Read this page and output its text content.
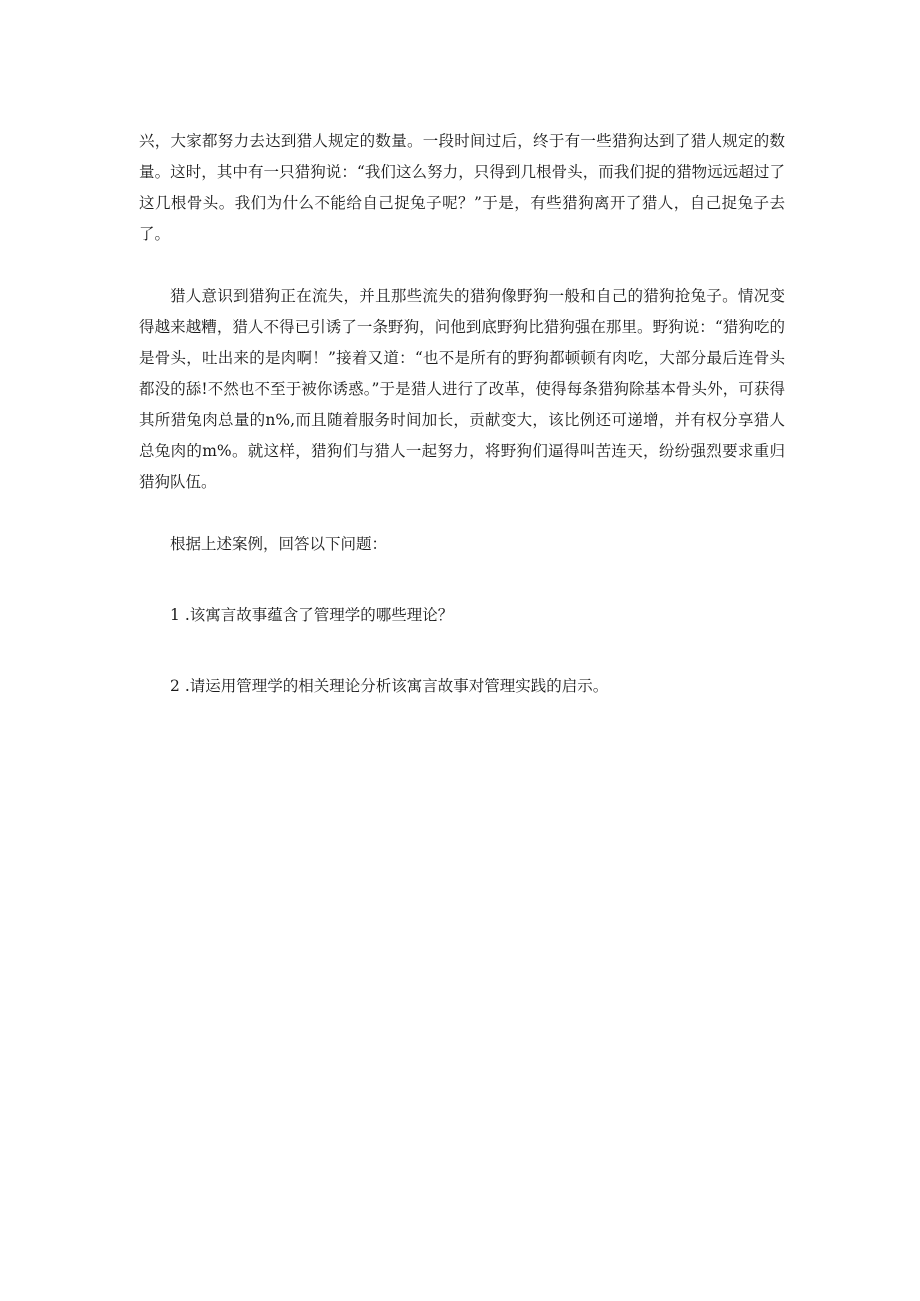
兴，大家都努力去达到猎人规定的数量。一段时间过后，终于有一些猎狗达到了猎人规定的数量。这时，其中有一只猎狗说：“我们这么努力，只得到几根骨头，而我们捉的猎物远远超过了这几根骨头。我们为什么不能给自己捉兔子呢？”于是，有些猎狗离开了猎人，自己捉兔子去了。

猎人意识到猎狗正在流失，并且那些流失的猎狗像野狗一般和自己的猎狗抢兔子。情况变得越来越糟，猎人不得已引诱了一条野狗，问他到底野狗比猎狗强在那里。野狗说：“猎狗吃的是骨头，吐出来的是肉啊！”接着又道：“也不是所有的野狗都顿顿有肉吃，大部分最后连骨头都没的舔!不然也不至于被你诱惑。”于是猎人进行了改革，使得每条猎狗除基本骨头外，可获得其所猎兔肉总量的n%,而且随着服务时间加长，贡献变大，该比例还可递增，并有权分享猎人总兔肉的m%。就这样，猎狗们与猎人一起努力，将野狗们逼得叫苦连天，纷纷强烈要求重归猎狗队伍。

根据上述案例，回答以下问题：

1 .该寓言故事蕴含了管理学的哪些理论？

2 .请运用管理学的相关理论分析该寓言故事对管理实践的启示。
